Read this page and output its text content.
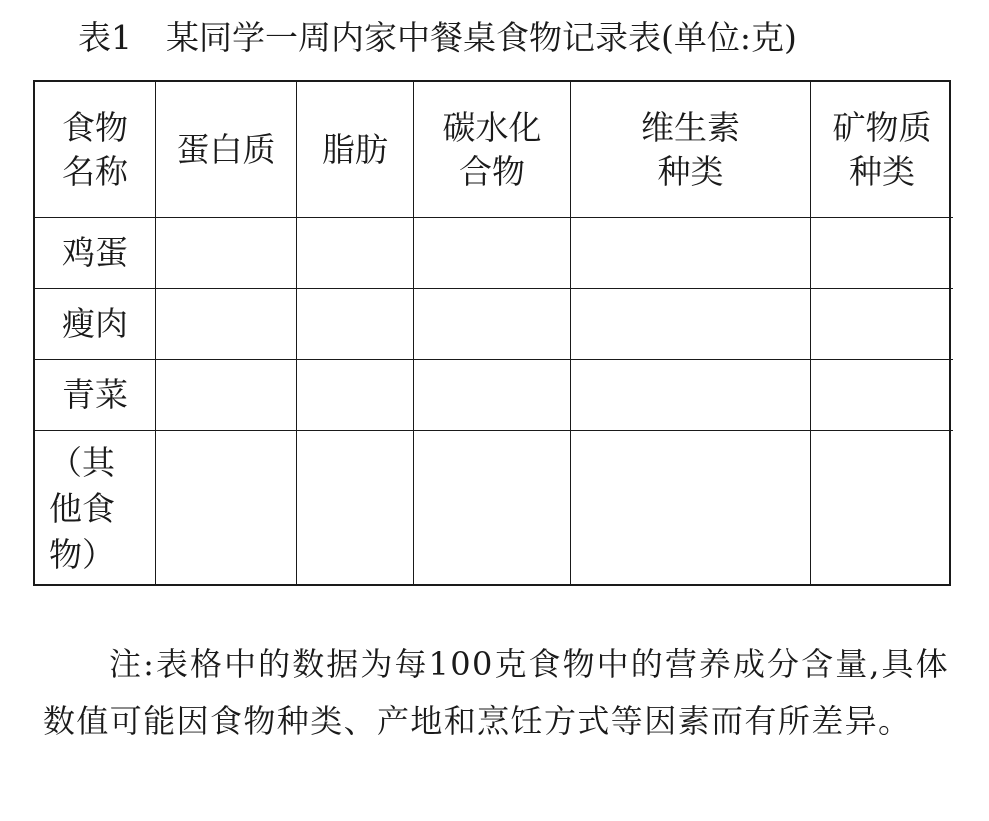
表1 某同学一周内家中餐桌食物记录表(单位:克)
食物名称
蛋白质 脂肪
碳水化合物
维生素种类
矿物质种类
鸡蛋
瘦肉
青菜
（其他食物）

注:表格中的数据为每100克食物中的营养成分含量,具体数值可能因食物种类、产地和烹饪方式等因素而有所差异。
